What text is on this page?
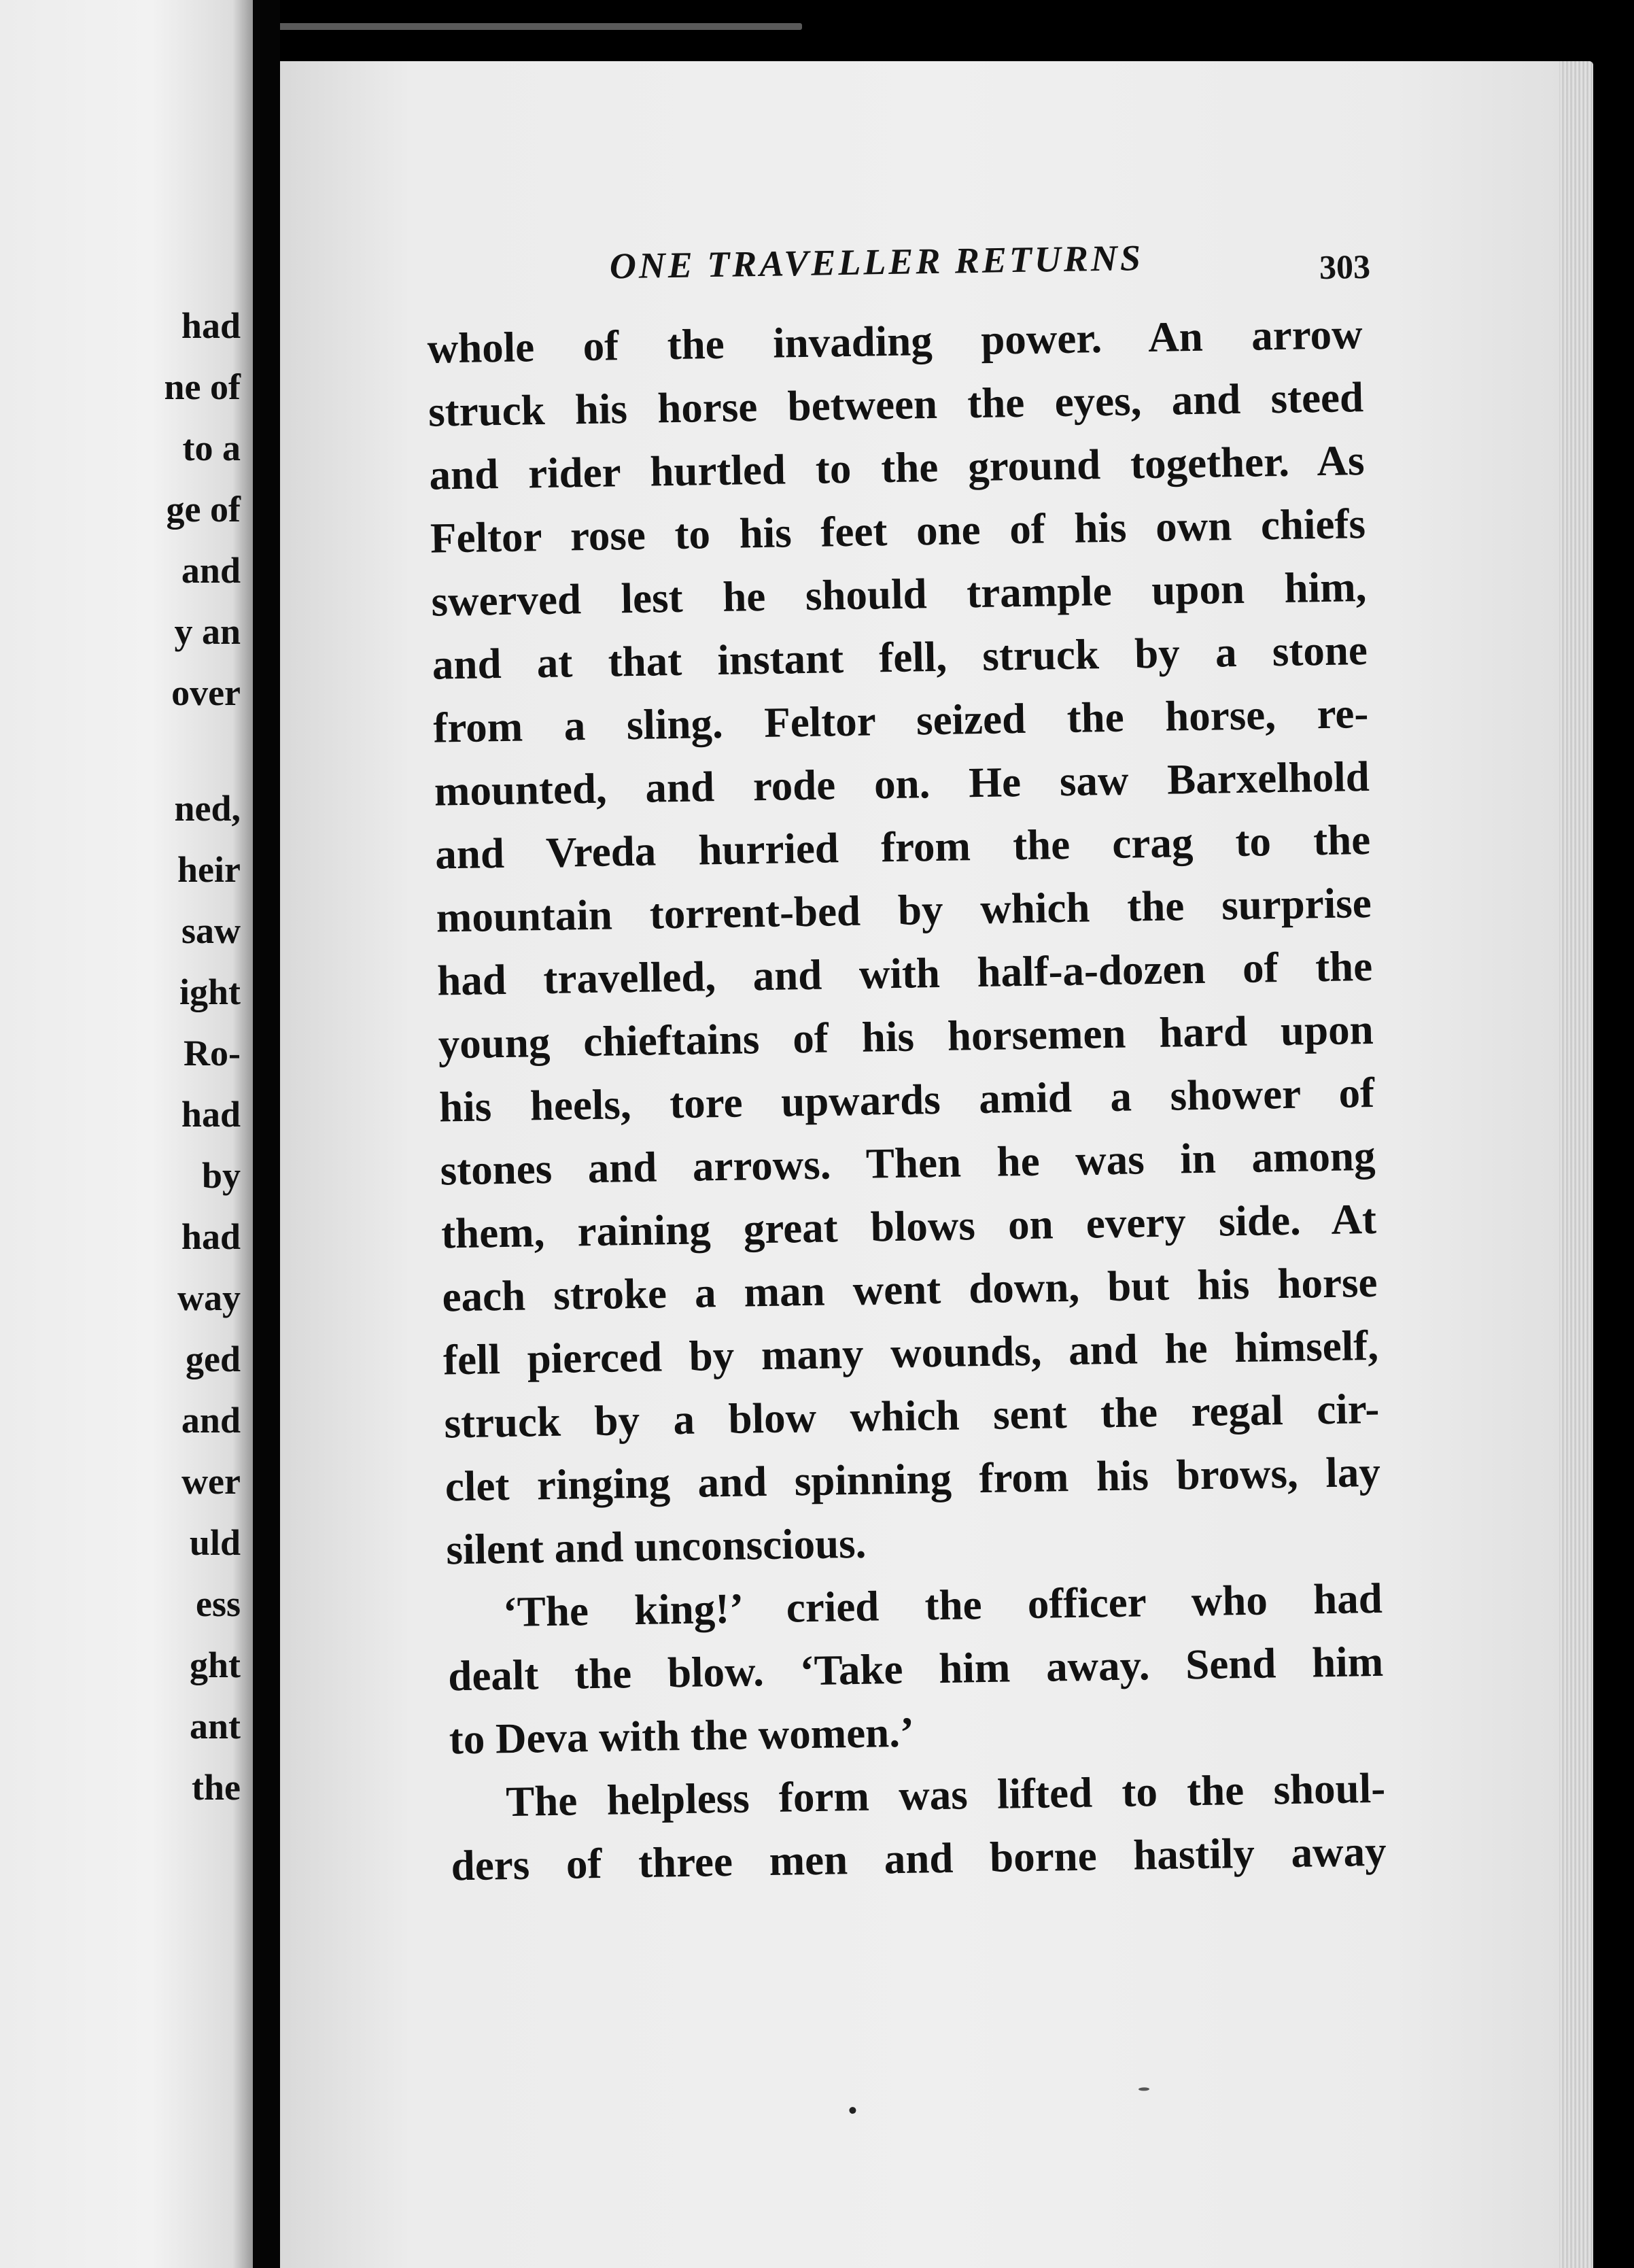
had
ne of
to a
ge of
and
y an
over
ned,
heir
saw
ight
Ro-
had
by
had
way
ged
and
wer
uld
ess
ght
ant
the
ONE TRAVELLER RETURNS	303
whole of the invading power. An arrow
struck his horse between the eyes, and steed
and rider hurtled to the ground together. As
Feltor rose to his feet one of his own chiefs
swerved lest he should trample upon him,
and at that instant fell, struck by a stone
from a sling. Feltor seized the horse, re-
mounted, and rode on. He saw Barxelhold
and Vreda hurried from the crag to the
mountain torrent-bed by which the surprise
had travelled, and with half-a-dozen of the
young chieftains of his horsemen hard upon
his heels, tore upwards amid a shower of
stones and arrows. Then he was in among
them, raining great blows on every side. At
each stroke a man went down, but his horse
fell pierced by many wounds, and he himself,
struck by a blow which sent the regal cir-
clet ringing and spinning from his brows, lay
silent and unconscious.
‘The king!’ cried the officer who had
dealt the blow. ‘Take him away. Send him
to Deva with the women.’
The helpless form was lifted to the shoul-
ders of three men and borne hastily away
